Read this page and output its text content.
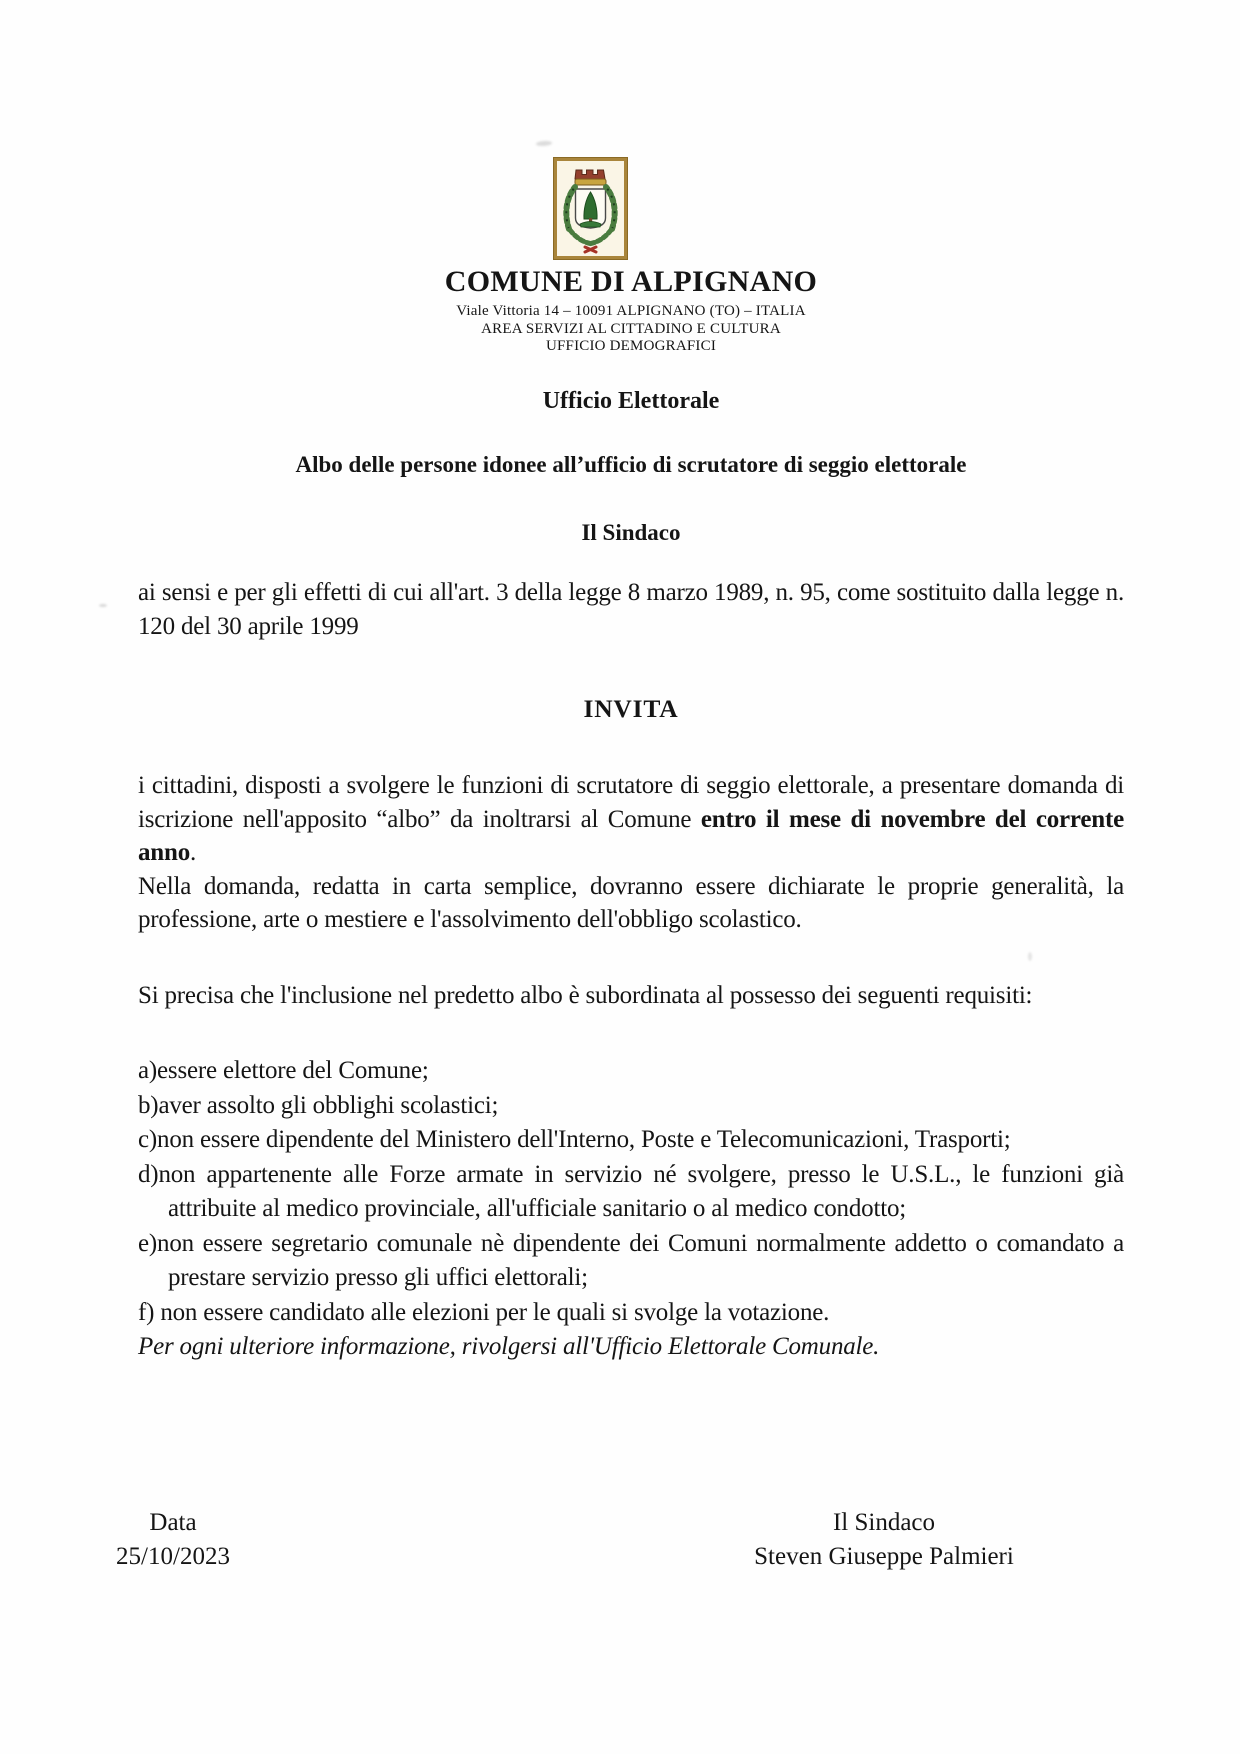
COMUNE DI ALPIGNANO
Viale Vittoria 14 – 10091 ALPIGNANO (TO) – ITALIA
AREA SERVIZI AL CITTADINO E CULTURA
UFFICIO DEMOGRAFICI
Ufficio Elettorale
Albo delle persone idonee all’ufficio di scrutatore di seggio elettorale
Il Sindaco
ai sensi e per gli effetti di cui all'art. 3 della legge 8 marzo 1989, n. 95, come sostituito dalla legge n. 120 del 30 aprile 1999
INVITA

i cittadini, disposti a svolgere le funzioni di scrutatore di seggio elettorale, a presentare domanda di iscrizione nell'apposito “albo” da inoltrarsi al Comune entro il mese di novembre del corrente anno.

Nella domanda, redatta in carta semplice, dovranno essere dichiarate le proprie generalità, la professione, arte o mestiere e l'assolvimento dell'obbligo scolastico.

Si precisa che l'inclusione nel predetto albo è subordinata al possesso dei seguenti requisiti:

a)essere elettore del Comune;

b)aver assolto gli obblighi scolastici;

c)non essere dipendente del Ministero dell'Interno, Poste e Telecomunicazioni, Trasporti;

d)non appartenente alle Forze armate in servizio né svolgere, presso le U.S.L., le funzioni già attribuite al medico provinciale, all'ufficiale sanitario o al medico condotto;

e)non essere segretario comunale nè dipendente dei Comuni normalmente addetto o comandato a prestare servizio presso gli uffici elettorali;

f) non essere candidato alle elezioni per le quali si svolge la votazione.

Per ogni ulteriore informazione, rivolgersi all'Ufficio Elettorale Comunale.

Data
25/10/2023
Il Sindaco
Steven Giuseppe Palmieri
